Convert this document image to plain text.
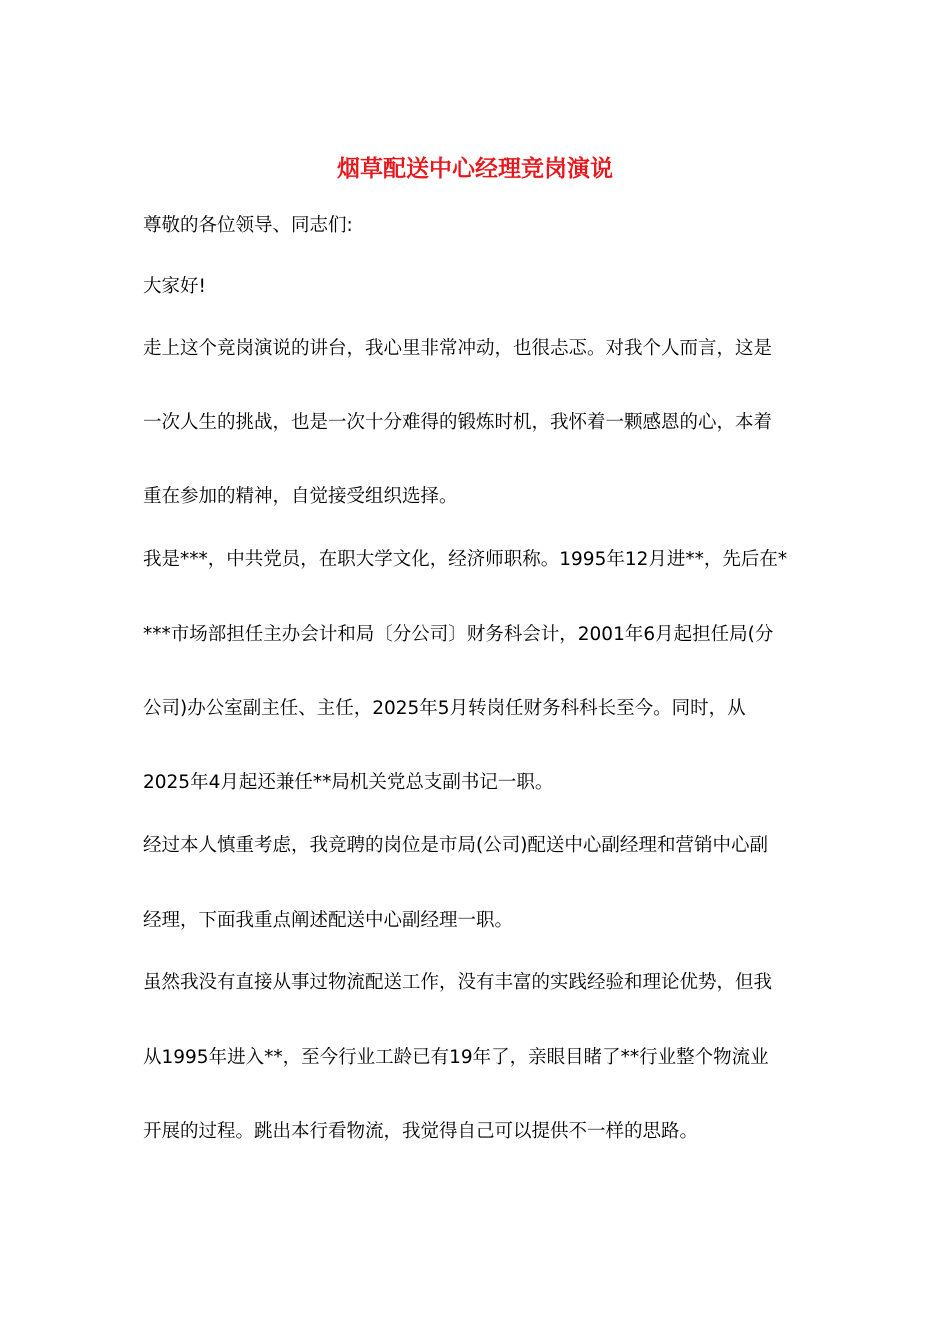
烟草配送中心经理竞岗演说
尊敬的各位领导、同志们:
大家好!
走上这个竞岗演说的讲台，我心里非常冲动，也很忐忑。对我个人而言，这是
一次人生的挑战，也是一次十分难得的锻炼时机，我怀着一颗感恩的心，本着
重在参加的精神，自觉接受组织选择。
我是***，中共党员，在职大学文化，经济师职称。1995年12月进**，先后在*
***市场部担任主办会计和局〔分公司〕财务科会计，2001年6月起担任局(分
公司)办公室副主任、主任，2025年5月转岗任财务科科长至今。同时，从
2025年4月起还兼任**局机关党总支副书记一职。
经过本人慎重考虑，我竞聘的岗位是市局(公司)配送中心副经理和营销中心副
经理，下面我重点阐述配送中心副经理一职。
虽然我没有直接从事过物流配送工作，没有丰富的实践经验和理论优势，但我
从1995年进入**，至今行业工龄已有19年了，亲眼目睹了**行业整个物流业
开展的过程。跳出本行看物流，我觉得自己可以提供不一样的思路。
